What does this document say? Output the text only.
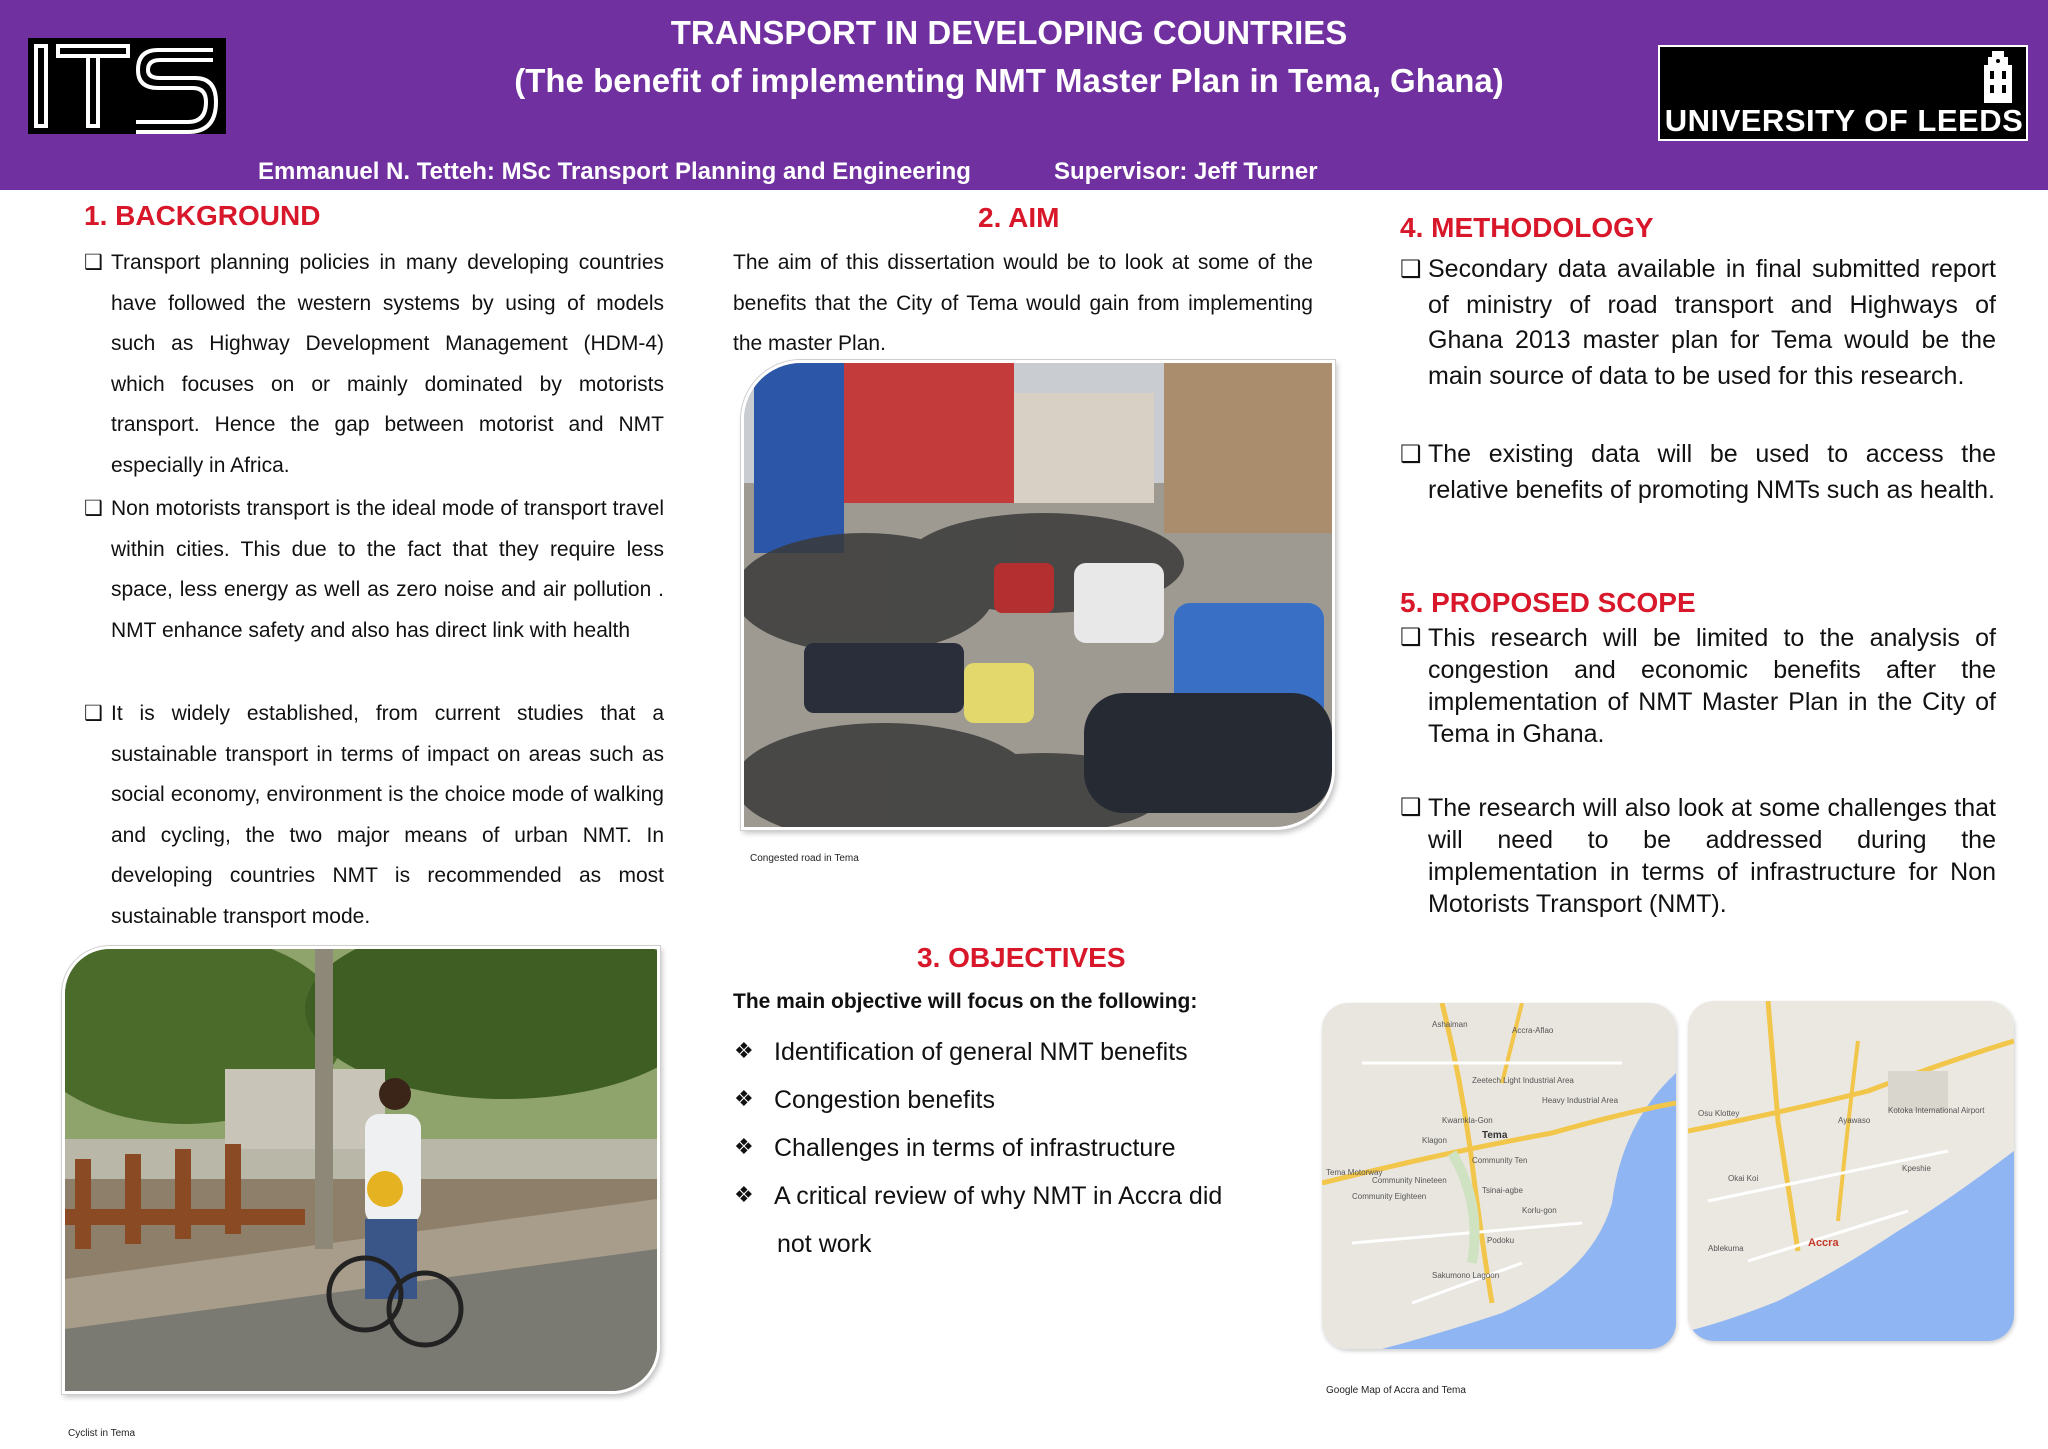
TRANSPORT IN DEVELOPING COUNTRIES
(The benefit of implementing NMT Master Plan in Tema, Ghana)
Emmanuel N. Tetteh: MSc Transport Planning and Engineering	Supervisor: Jeff Turner
UNIVERSITY OF LEEDS
1. BACKGROUND
❑ Transport planning policies in many developing countries have followed the western systems by using of models such as Highway Development Management (HDM-4) which focuses on or mainly dominated by motorists transport. Hence the gap between motorist and NMT especially in Africa.
❑ Non motorists transport is the ideal mode of transport travel within cities. This due to the fact that they require less space, less energy as well as zero noise and air pollution . NMT enhance safety and also has direct link with health
❑ It is widely established, from current studies that a sustainable transport in terms of impact on areas such as social economy, environment is the choice mode of walking and cycling, the two major means of urban NMT. In developing countries NMT is recommended as most sustainable transport mode.
Cyclist in Tema
2. AIM
The aim of this dissertation would be to look at some of the benefits that the City of Tema would gain from implementing the master Plan.
Congested road in Tema
3. OBJECTIVES
The main objective will focus on the following:
❖ Identification of general NMT benefits
❖ Congestion benefits
❖ Challenges in terms of infrastructure
❖ A critical review of why NMT in Accra did
not work
4. METHODOLOGY
❑ Secondary data available in final submitted report of ministry of road transport and Highways of Ghana 2013 master plan for Tema would be the main source of data to be used for this research.
❑ The existing data will be used to access the relative benefits of promoting NMTs such as health.
5. PROPOSED SCOPE
❑ This research will be limited to the analysis of congestion and economic benefits after the implementation of NMT Master Plan in the City of Tema in Ghana.
❑ The research will also look at some challenges that will need to be addressed during the implementation in terms of infrastructure for Non Motorists Transport (NMT).
Ashaiman
Zeetech Light Industrial Area
Heavy Industrial Area
Kwarnkla-Gon
Tema
Klagon
Community Ten
Community Nineteen
Community Eighteen
Tsinai-agbe
Korlu-gon
Podoku
Sakumono Lagoon
Accra-Aflao
Tema Motorway
Accra
Kotoka International Airport
Ayawaso
Kpeshie
Osu Klottey
Ablekuma
Okai Koi
Google Map of Accra and Tema
